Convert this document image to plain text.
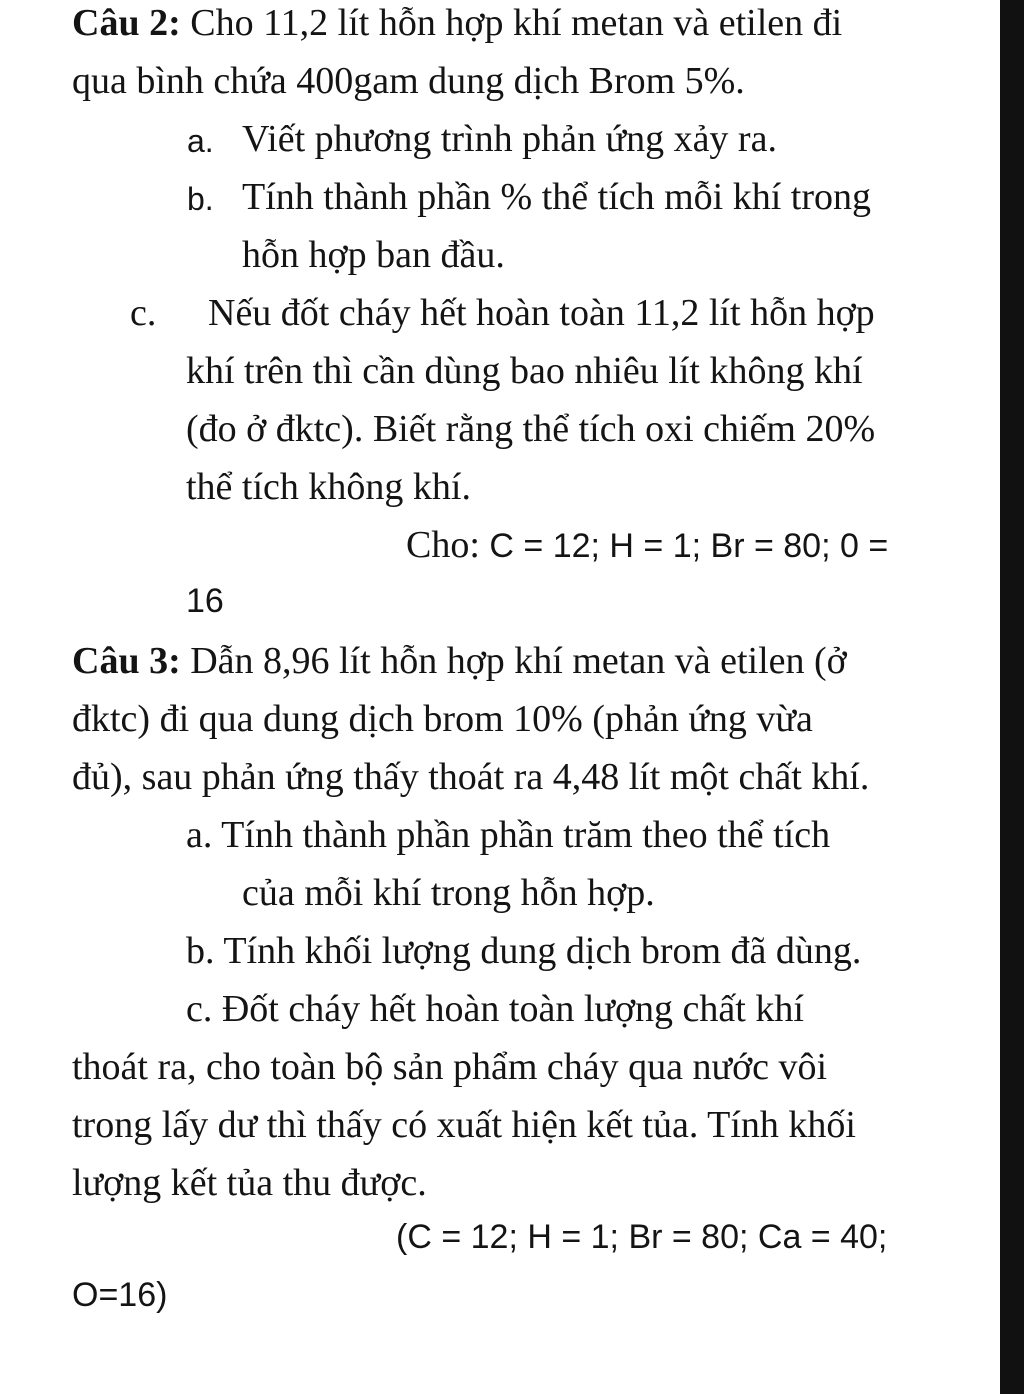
Câu 2: Cho 11,2 lít hỗn hợp khí metan và etilen đi
qua bình chứa 400gam dung dịch Brom 5%.
a. Viết phương trình phản ứng xảy ra.
b. Tính thành phần % thể tích mỗi khí trong
hỗn hợp ban đầu.
c. Nếu đốt cháy hết hoàn toàn 11,2 lít hỗn hợp
khí trên thì cần dùng bao nhiêu lít không khí
(đo ở đktc). Biết rằng thể tích oxi chiếm 20%
thể tích không khí.
Cho: C = 12; H = 1; Br = 80; 0 =
16
Câu 3: Dẫn 8,96 lít hỗn hợp khí metan và etilen (ở
đktc) đi qua dung dịch brom 10% (phản ứng vừa
đủ), sau phản ứng thấy thoát ra 4,48 lít một chất khí.
a. Tính thành phần phần trăm theo thể tích
của mỗi khí trong hỗn hợp.
b. Tính khối lượng dung dịch brom đã dùng.
c. Đốt cháy hết hoàn toàn lượng chất khí
thoát ra, cho toàn bộ sản phẩm cháy qua nước vôi
trong lấy dư thì thấy có xuất hiện kết tủa. Tính khối
lượng kết tủa thu được.
(C = 12; H = 1; Br = 80; Ca = 40;
O=16)
